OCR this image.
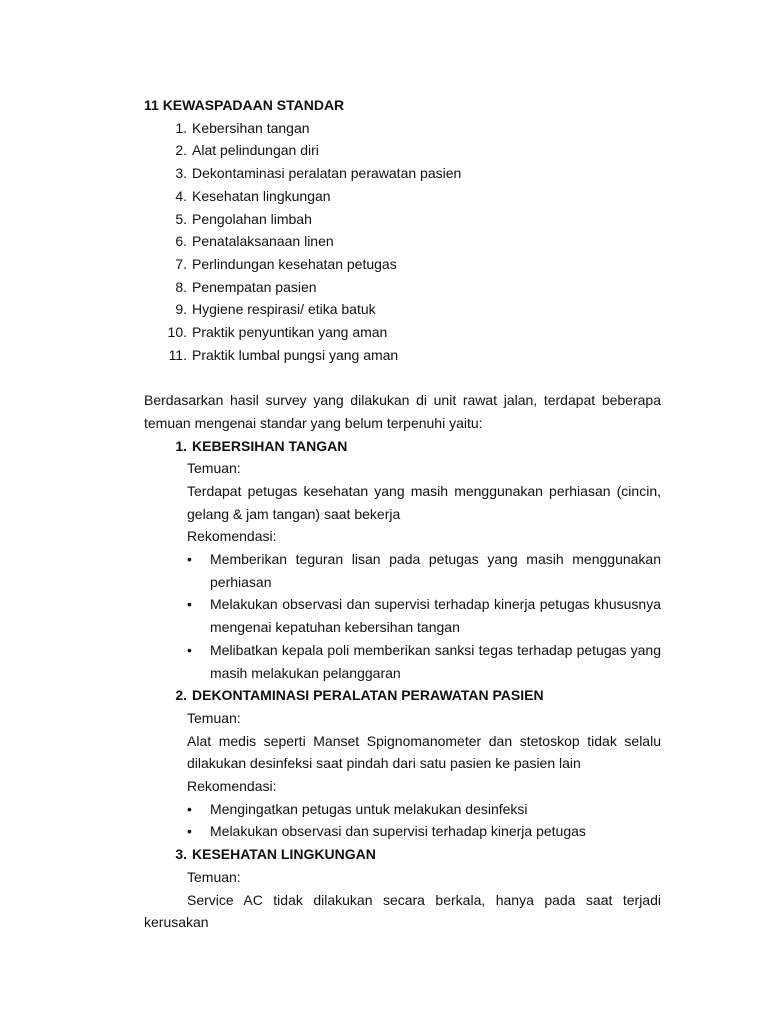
11 KEWASPADAAN STANDAR
1. Kebersihan tangan
2. Alat pelindungan diri
3. Dekontaminasi peralatan perawatan pasien
4. Kesehatan lingkungan
5. Pengolahan limbah
6. Penatalaksanaan linen
7. Perlindungan kesehatan petugas
8. Penempatan pasien
9. Hygiene respirasi/ etika batuk
10. Praktik penyuntikan yang aman
11. Praktik lumbal pungsi yang aman

Berdasarkan hasil survey yang dilakukan di unit rawat jalan, terdapat beberapa temuan mengenai standar yang belum terpenuhi yaitu:

1. KEBERSIHAN TANGAN

Temuan:

Terdapat petugas kesehatan yang masih menggunakan perhiasan (cincin, gelang & jam tangan) saat bekerja

Rekomendasi:

•	Memberikan teguran lisan pada petugas yang masih menggunakan perhiasan
•	Melakukan observasi dan supervisi terhadap kinerja petugas khususnya mengenai kepatuhan kebersihan tangan
•	Melibatkan kepala poli memberikan sanksi tegas terhadap petugas yang masih melakukan pelanggaran
2. DEKONTAMINASI PERALATAN PERAWATAN PASIEN

Temuan:

Alat medis seperti Manset Spignomanometer dan stetoskop tidak selalu dilakukan desinfeksi saat pindah dari satu pasien ke pasien lain

Rekomendasi:

•	Mengingatkan petugas untuk melakukan desinfeksi
•	Melakukan observasi dan supervisi terhadap kinerja petugas
3. KESEHATAN LINGKUNGAN

Temuan:

Service AC tidak dilakukan secara berkala, hanya pada saat terjadi

kerusakan
